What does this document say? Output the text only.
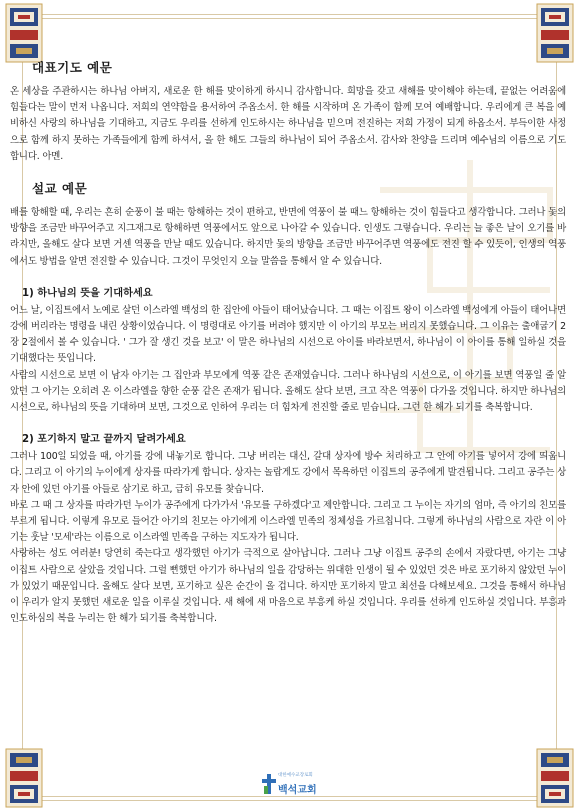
대표기도 예문

온 세상을 주관하시는 하나님 아버지, 새로운 한 해를 맞이하게 하시니 감사합니다. 희망을 갖고 새해를 맞이해야 하는데, 끝없는 어려움에 힘들다는 말이 먼저 나옵니다. 저희의 연약함을 용서하여 주옵소서. 한 해를 시작하며 온 가족이 함께 모여 예배합니다. 우리에게 큰 복을 예비하신 사랑의 하나님을 기대하고, 지금도 우리를 선하게 인도하시는 하나님을 믿으며 전진하는 저희 가정이 되게 하옵소서. 부득이한 사정으로 함께 하지 못하는 가족들에게 함께 하셔서, 올 한 해도 그들의 하나님이 되어 주옵소서. 감사와 찬양을 드리며 예수님의 이름으로 기도합니다. 아멘.

설교 예문

배를 항해할 때, 우리는 흔히 순풍이 불 때는 항해하는 것이 편하고, 반면에 역풍이 불 때느 항해하는 것이 힘들다고 생각합니다. 그러나 돛의 방향을 조금만 바꾸어주고 지그재그로 항해하면 역풍에서도 앞으로 나아갈 수 있습니다. 인생도 그렇습니다. 우리는 늘 좋은 날이 오기를 바라지만, 올해도 살다 보면 거센 역풍을 만날 때도 있습니다. 하지만 돛의 방향을 조금만 바꾸어주면 역풍에도 전진 할 수 있듯이, 인생의 역풍에서도 방법을 알면 전진할 수 있습니다. 그것이 무엇인지 오늘 말씀을 통해서 알 수 있습니다.

1) 하나님의 뜻을 기대하세요

어느 날, 이집트에서 노예로 살던 이스라엘 백성의 한 집안에 아들이 태어났습니다. 그 때는 이집트 왕이 이스라엘 백성에게 아들이 태어나면 강에 버리라는 명령을 내린 상황이었습니다. 이 명령대로 아기를 버려야 했지만 이 아기의 부모는 버리지 못했습니다. 그 이유는 출애굽기 2장 2절에서 볼 수 있습니다. ' 그가 잘 생긴 것을 보고' 이 말은 하나님의 시선으로 아이를 바라보면서, 하나님이 이 아이를 통해 일하실 것을 기대했다는 뜻입니다.

사람의 시선으로 보면 이 남자 아기는 그 집안과 부모에게 역풍 같은 존재였습니다. 그러나 하나님의 시선으로, 이 아기를 보면 역풍일 줄 알았던 그 아기는 오히려 온 이스라엘을 향한 순풍 같은 존재가 됩니다. 올해도 살다 보면, 크고 작은 역풍이 다가올 것입니다. 하지만 하나님의 시선으로, 하나님의 뜻을 기대하며 보면, 그것으로 인하여 우리는 더 힘차게 전진할 줄로 믿습니다. 그런 한 해가 되기를 축복합니다.

2) 포기하지 말고 끝까지 달려가세요

그러나 100일 되었을 때, 아기를 강에 내놓기로 합니다. 그냥 버리는 대신, 갈대 상자에 방수 처리하고 그 안에 아기를 넣어서 강에 띄웁니다. 그리고 이 아기의 누이에게 상자를 따라가게 합니다. 상자는 놀랍게도 강에서 목욕하던 이집트의 공주에게 발견됩니다. 그리고 공주는 상자 안에 있던 아기를 아들로 삼기로 하고, 급히 유모를 찾습니다.

바로 그 때 그 상자를 따라가던 누이가 공주에게 다가가서 '유모를 구하겠다'고 제안합니다. 그리고 그 누이는 자기의 엄마, 즉 아기의 친모를 부르게 됩니다. 이렇게 유모로 들어간 아기의 친모는 아기에게 이스라엘 민족의 정체성을 가르칩니다. 그렇게 하나님의 사람으로 자란 이 아기는 훗날 '모세'라는 이름으로 이스라엘 민족을 구하는 지도자가 됩니다.

사랑하는 성도 여러분! 당연히 죽는다고 생각했던 아기가 극적으로 살아납니다. 그러나 그냥 이집트 공주의 손에서 자랐다면, 아기는 그냥 이집트 사람으로 살았을 것입니다. 그럴 뻔했던 아기가 하나님의 일을 감당하는 위대한 인생이 될 수 있었던 것은 바로 포기하지 않았던 누이가 있었기 때문입니다. 올해도 살다 보면, 포기하고 싶은 순간이 올 겁니다. 하지만 포기하지 말고 최선을 다해보세요. 그것을 통해서 하나님이 우리가 알지 못했던 새로운 일을 이루실 것입니다. 새 해에 새 마음으로 부흥케 하실 것입니다. 우리를 선하게 인도하실 것입니다. 부흥과 인도하심의 복을 누리는 한 해가 되기를 축복합니다.

대한예수교장로회
백석교회
